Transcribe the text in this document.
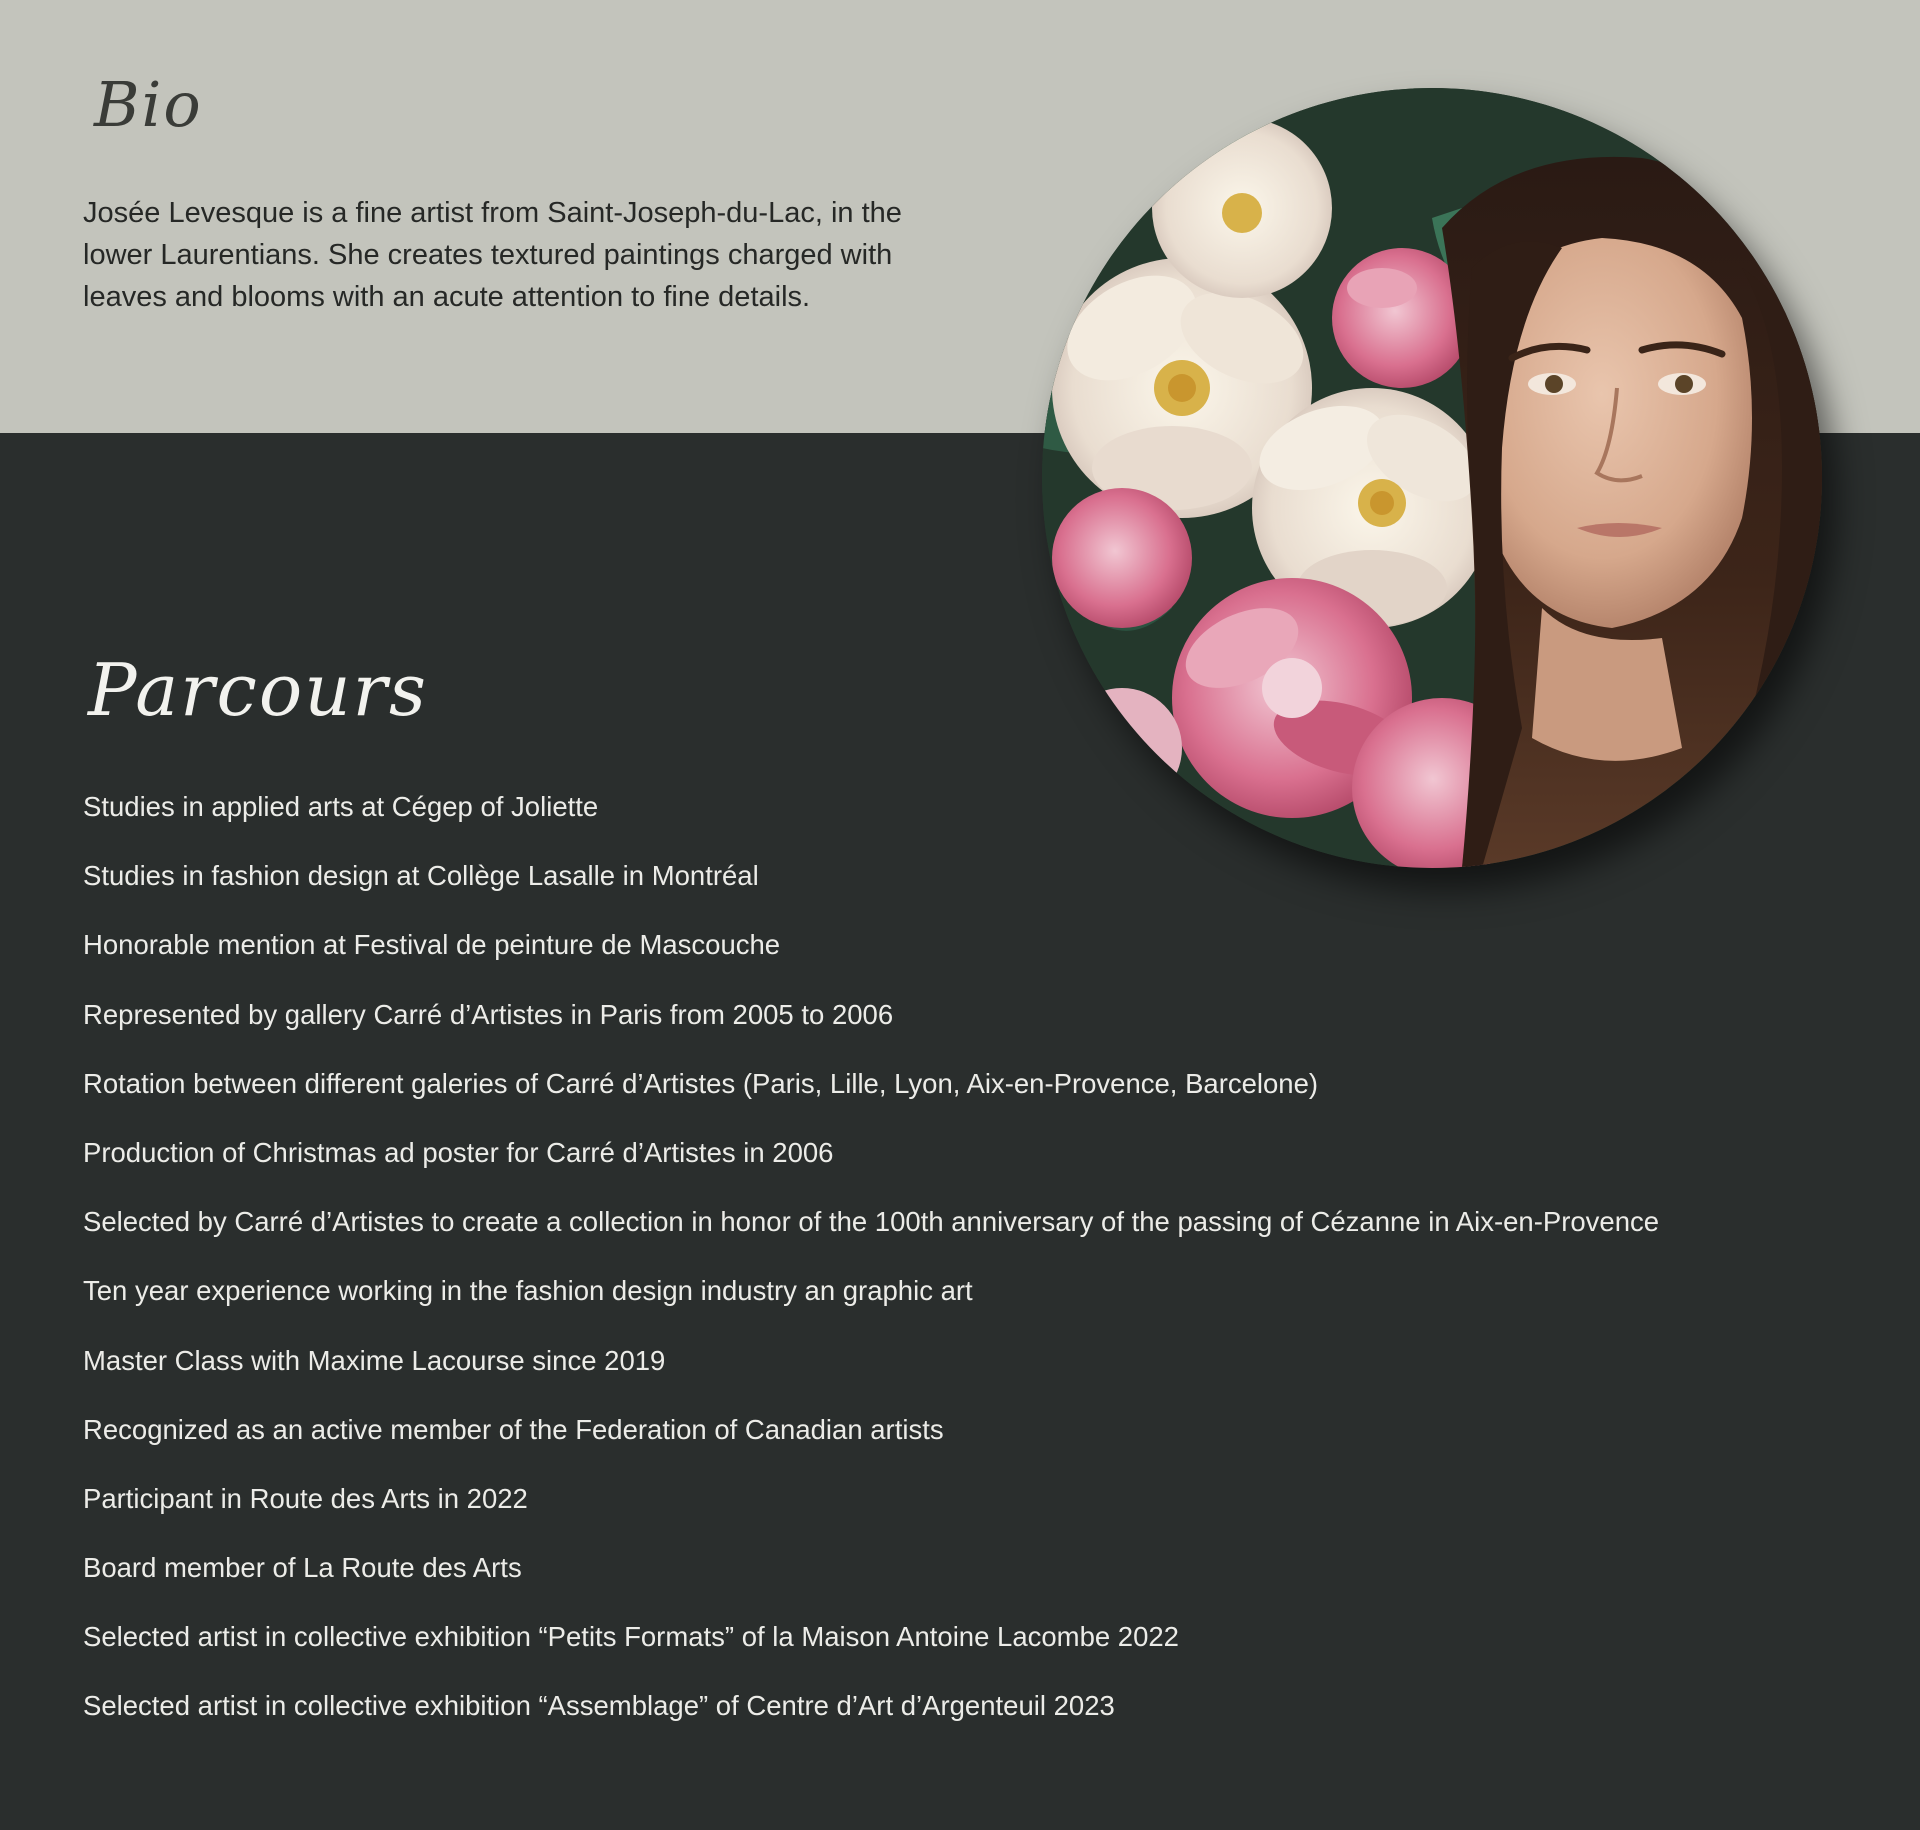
Bio

Josée Levesque is a fine artist from Saint-Joseph-du-Lac, in the lower Laurentians. She creates textured paintings charged with leaves and blooms with an acute attention to fine details.

Parcours
Studies in applied arts at Cégep of Joliette
Studies in fashion design at Collège Lasalle in Montréal
Honorable mention at Festival de peinture de Mascouche
Represented by gallery Carré d’Artistes in Paris from 2005 to 2006
Rotation between different galeries of Carré d’Artistes (Paris, Lille, Lyon, Aix-en-Provence, Barcelone)
Production of Christmas ad poster for Carré d’Artistes in 2006
Selected by Carré d’Artistes to create a collection in honor of the 100th anniversary of the passing of Cézanne in Aix-en-Provence
Ten year experience working in the fashion design industry an graphic art
Master Class with Maxime Lacourse since 2019
Recognized as an active member of the Federation of Canadian artists
Participant in Route des Arts in 2022
Board member of La Route des Arts
Selected artist in collective exhibition “Petits Formats” of la Maison Antoine Lacombe 2022
Selected artist in collective exhibition “Assemblage” of Centre d’Art d’Argenteuil 2023
